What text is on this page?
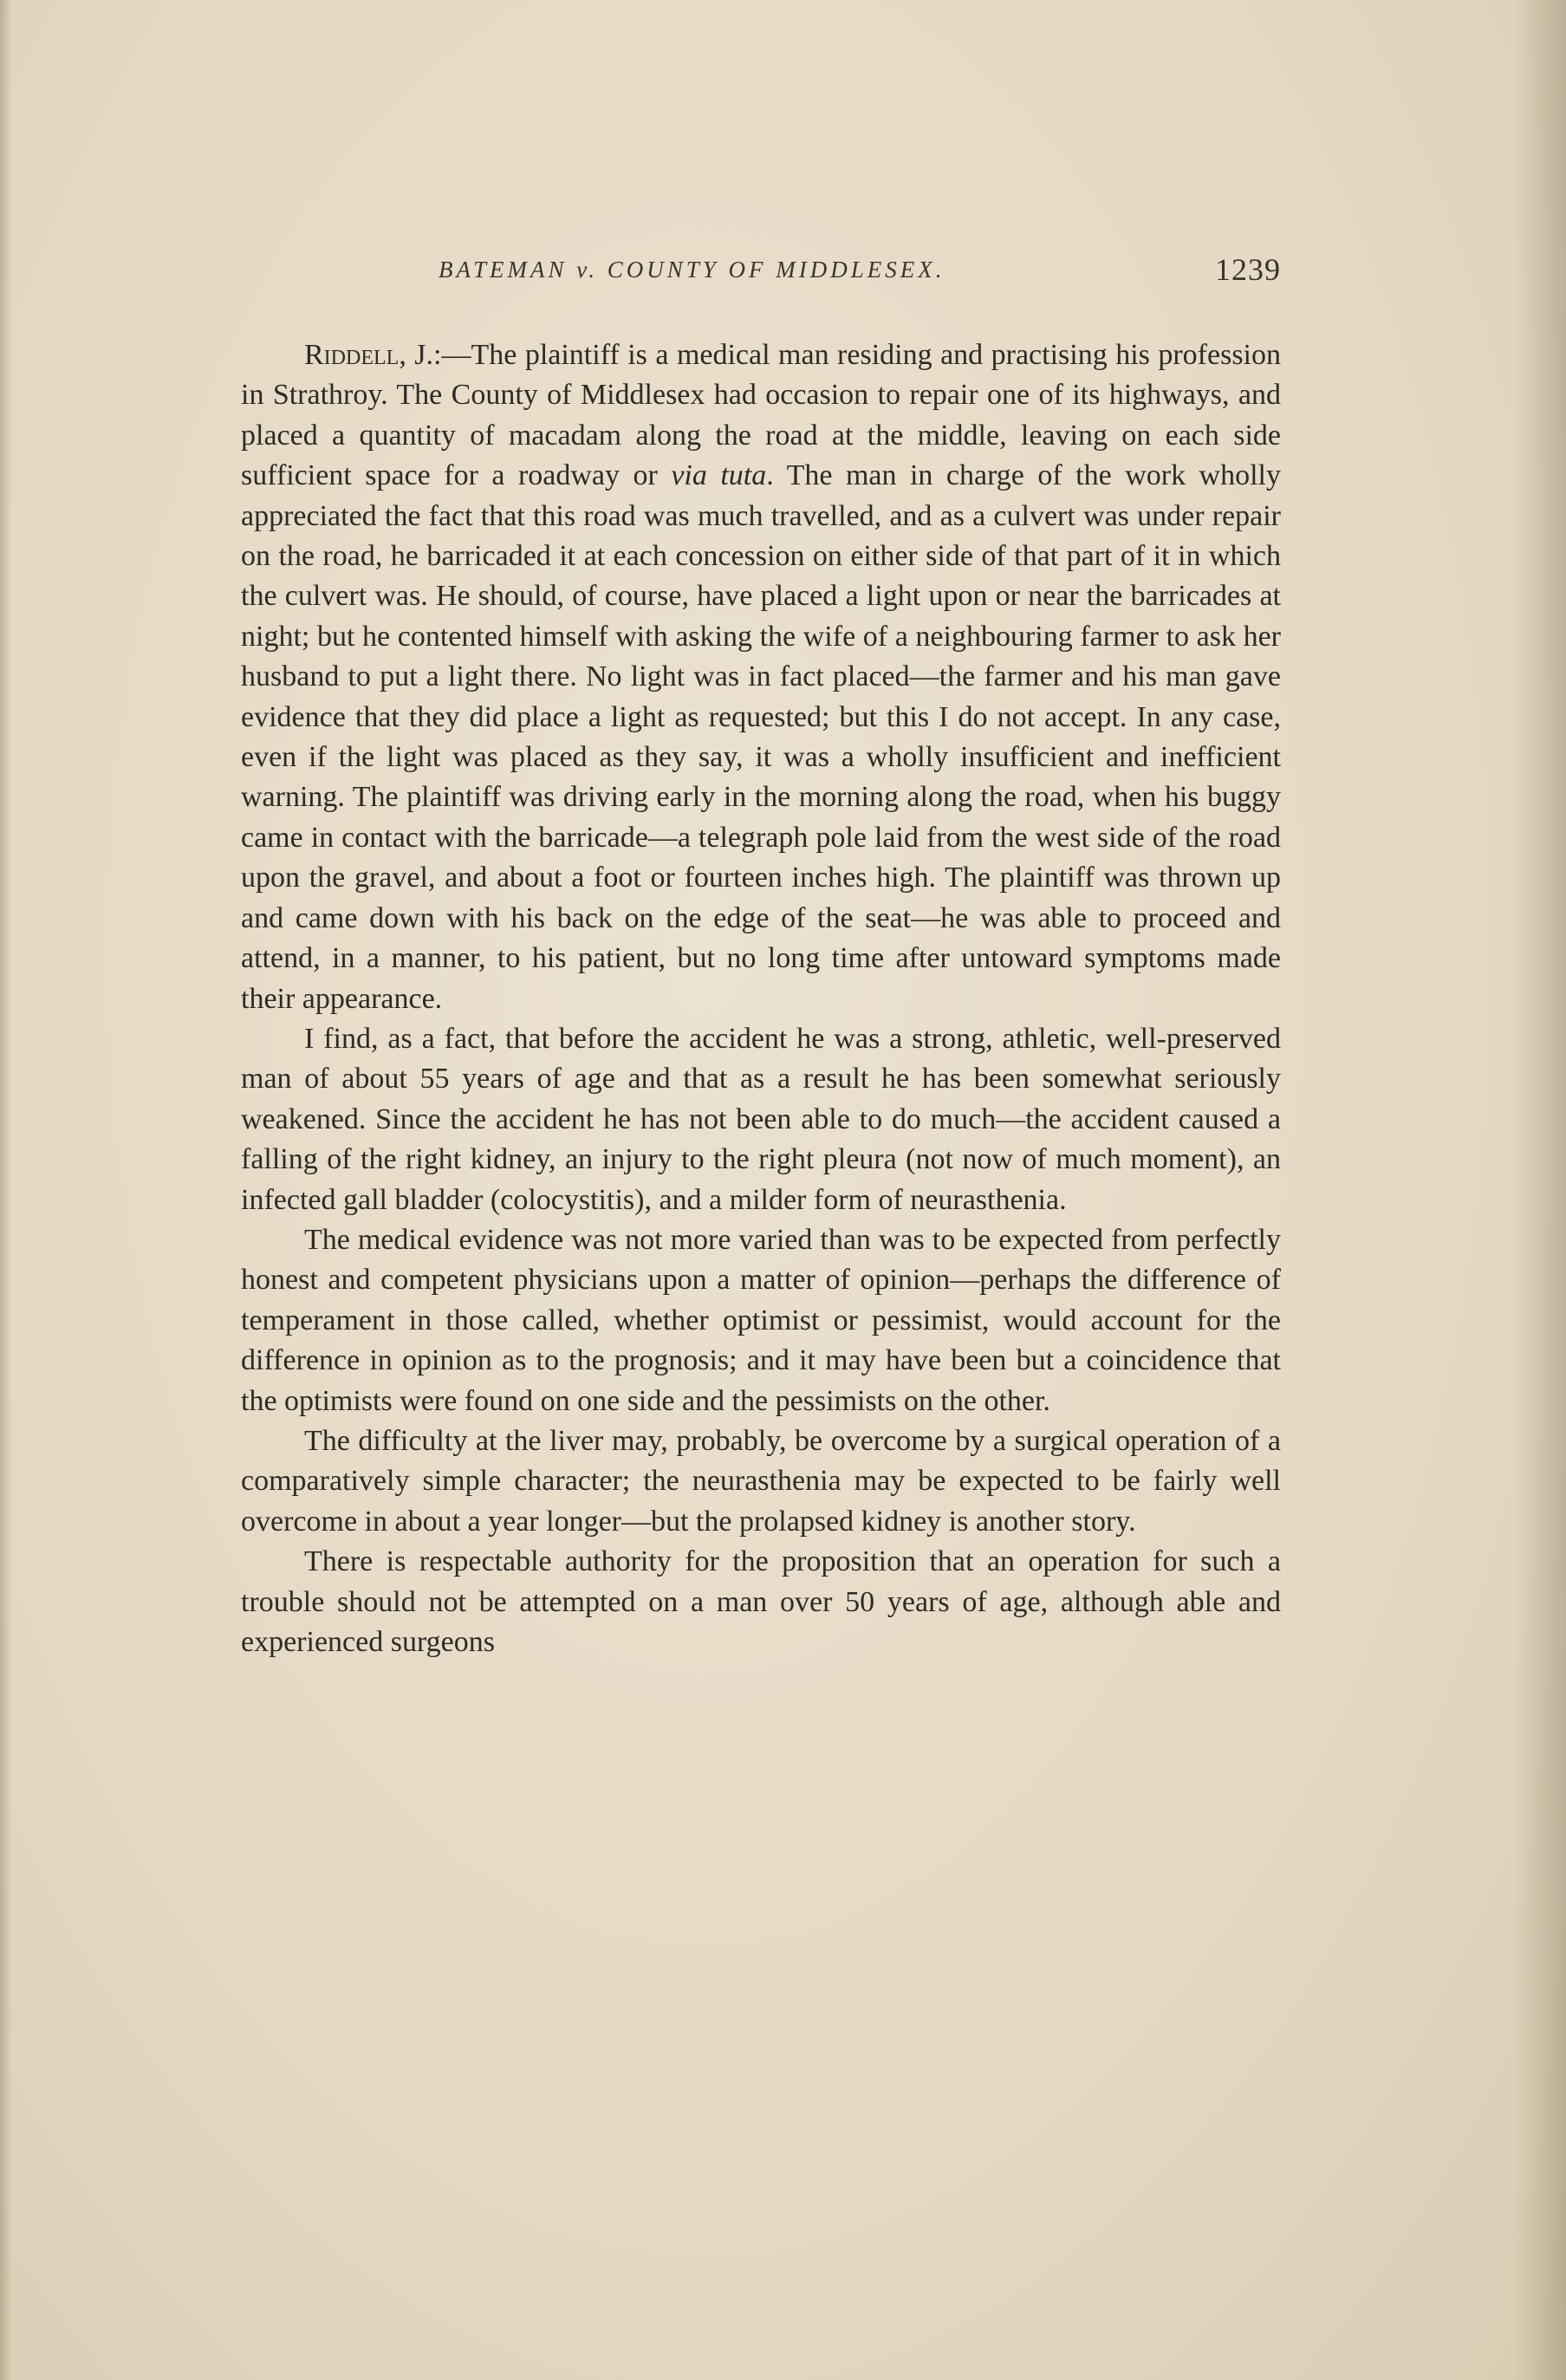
BATEMAN v. COUNTY OF MIDDLESEX.	1239

Riddell, J.:—The plaintiff is a medical man residing and practising his profession in Strathroy. The County of Middlesex had occasion to repair one of its highways, and placed a quantity of macadam along the road at the middle, leaving on each side sufficient space for a roadway or via tuta. The man in charge of the work wholly appreciated the fact that this road was much travelled, and as a culvert was under repair on the road, he barricaded it at each concession on either side of that part of it in which the culvert was. He should, of course, have placed a light upon or near the barricades at night; but he contented himself with asking the wife of a neighbouring farmer to ask her husband to put a light there. No light was in fact placed—the farmer and his man gave evidence that they did place a light as requested; but this I do not accept. In any case, even if the light was placed as they say, it was a wholly insufficient and inefficient warning. The plaintiff was driving early in the morning along the road, when his buggy came in contact with the barricade—a telegraph pole laid from the west side of the road upon the gravel, and about a foot or fourteen inches high. The plaintiff was thrown up and came down with his back on the edge of the seat—he was able to proceed and attend, in a manner, to his patient, but no long time after untoward symptoms made their appearance.

I find, as a fact, that before the accident he was a strong, athletic, well-preserved man of about 55 years of age and that as a result he has been somewhat seriously weakened. Since the accident he has not been able to do much—the accident caused a falling of the right kidney, an injury to the right pleura (not now of much moment), an infected gall bladder (colocystitis), and a milder form of neurasthenia.

The medical evidence was not more varied than was to be expected from perfectly honest and competent physicians upon a matter of opinion—perhaps the difference of temperament in those called, whether optimist or pessimist, would account for the difference in opinion as to the prognosis; and it may have been but a coincidence that the optimists were found on one side and the pessimists on the other.

The difficulty at the liver may, probably, be overcome by a surgical operation of a comparatively simple character; the neurasthenia may be expected to be fairly well overcome in about a year longer—but the prolapsed kidney is another story.

There is respectable authority for the proposition that an operation for such a trouble should not be attempted on a man over 50 years of age, although able and experienced surgeons
